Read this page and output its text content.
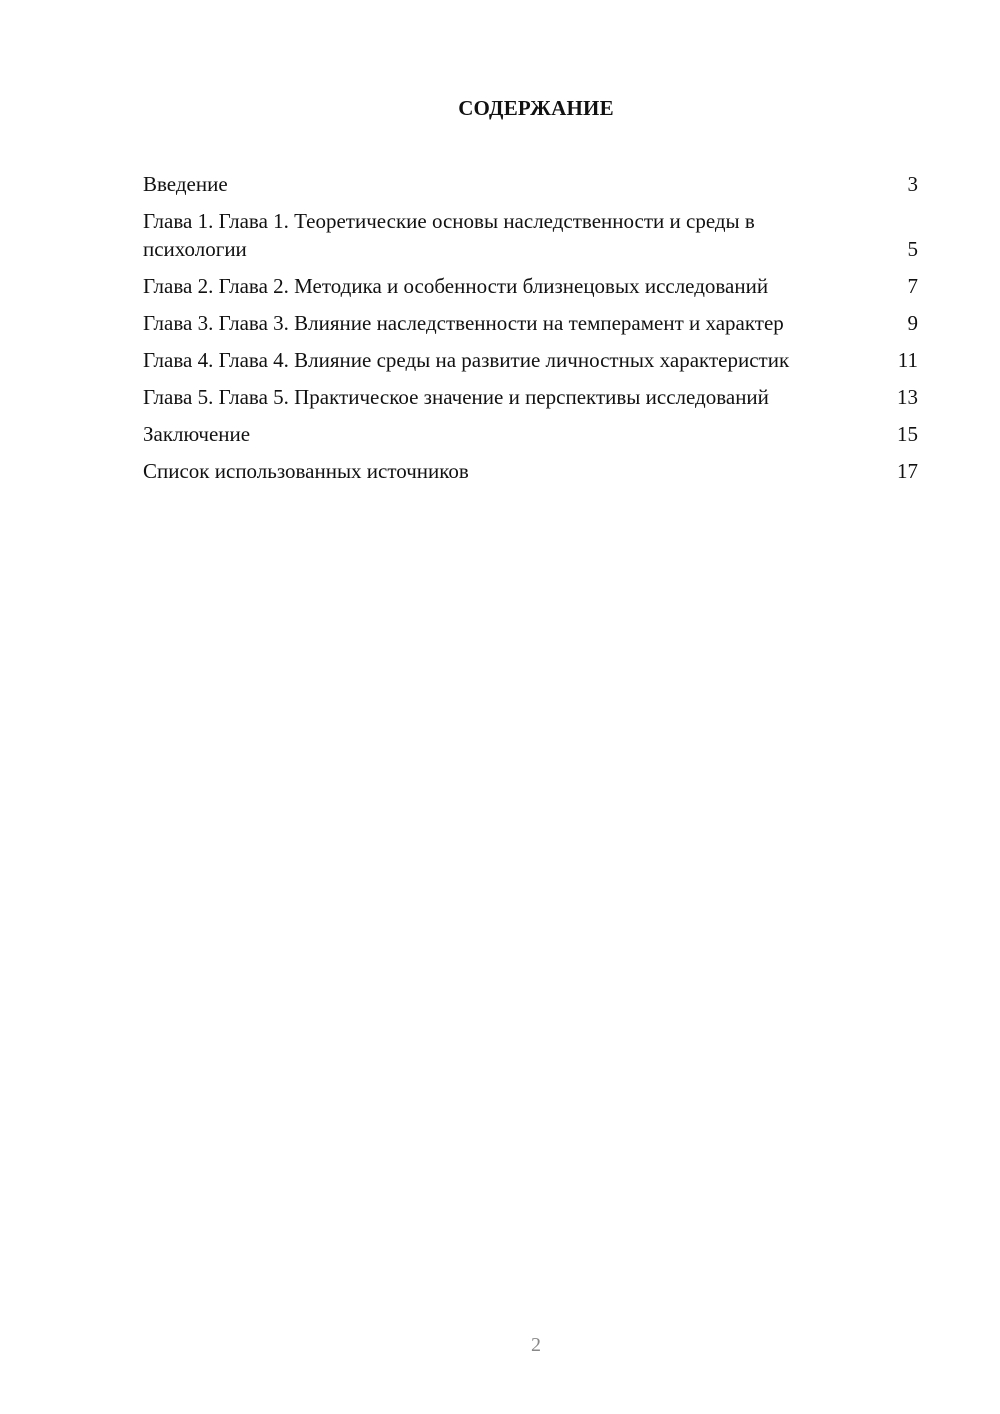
СОДЕРЖАНИЕ
Введение	3
Глава 1. Глава 1. Теоретические основы наследственности и среды в психологии	5
Глава 2. Глава 2. Методика и особенности близнецовых исследований	7
Глава 3. Глава 3. Влияние наследственности на темперамент и характер	9
Глава 4. Глава 4. Влияние среды на развитие личностных характеристик	11
Глава 5. Глава 5. Практическое значение и перспективы исследований	13
Заключение	15
Список использованных источников	17
2
